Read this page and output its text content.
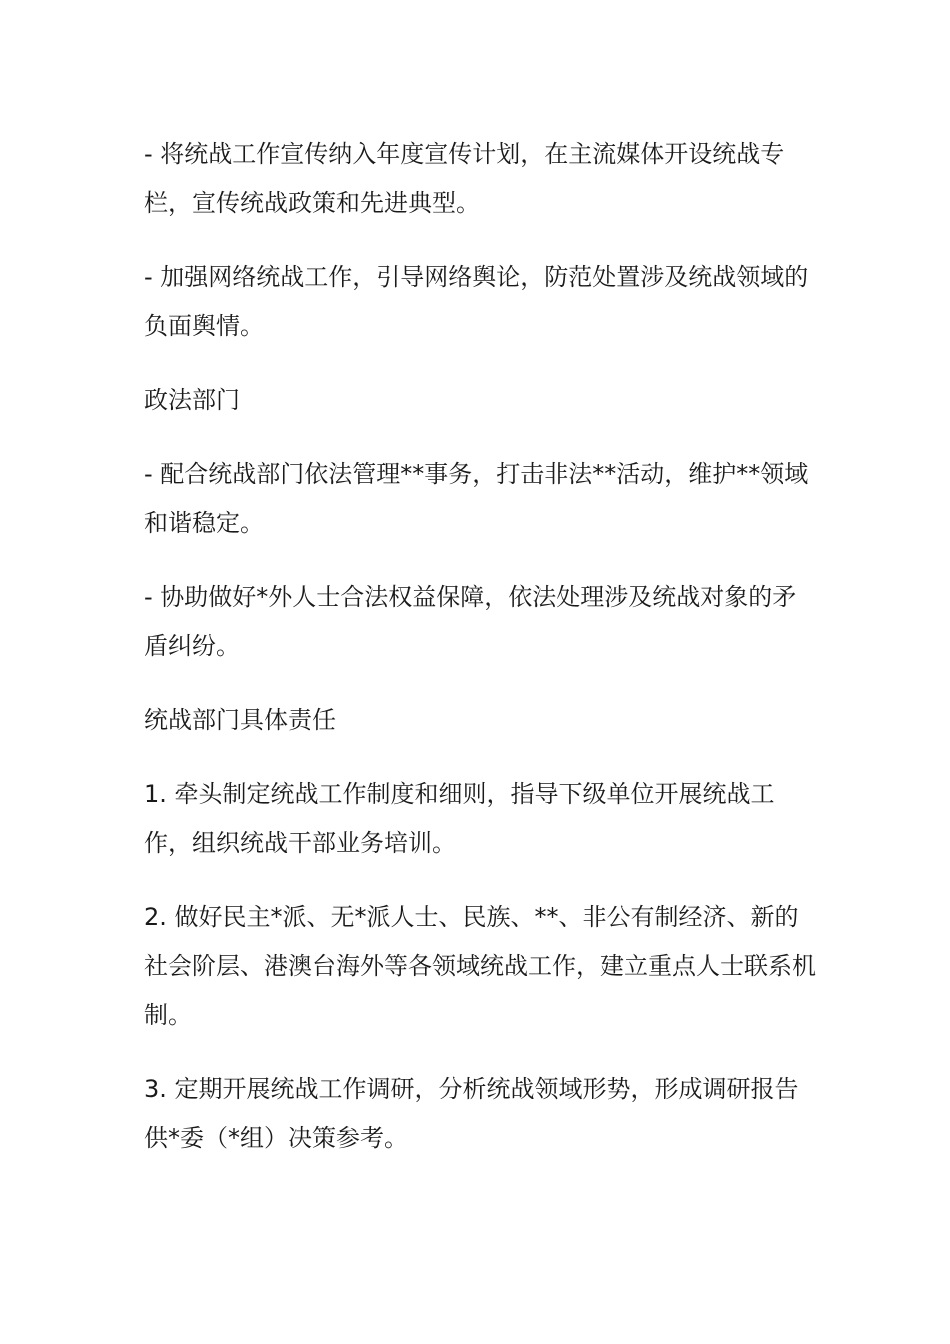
- 将统战工作宣传纳入年度宣传计划，在主流媒体开设统战专栏，宣传统战政策和先进典型。

- 加强网络统战工作，引导网络舆论，防范处置涉及统战领域的负面舆情。

政法部门

- 配合统战部门依法管理**事务，打击非法**活动，维护**领域和谐稳定。

- 协助做好*外人士合法权益保障，依法处理涉及统战对象的矛盾纠纷。

统战部门具体责任

1. 牵头制定统战工作制度和细则，指导下级单位开展统战工作，组织统战干部业务培训。

2. 做好民主*派、无*派人士、民族、**、非公有制经济、新的社会阶层、港澳台海外等各领域统战工作，建立重点人士联系机制。

3. 定期开展统战工作调研，分析统战领域形势，形成调研报告供*委（*组）决策参考。
